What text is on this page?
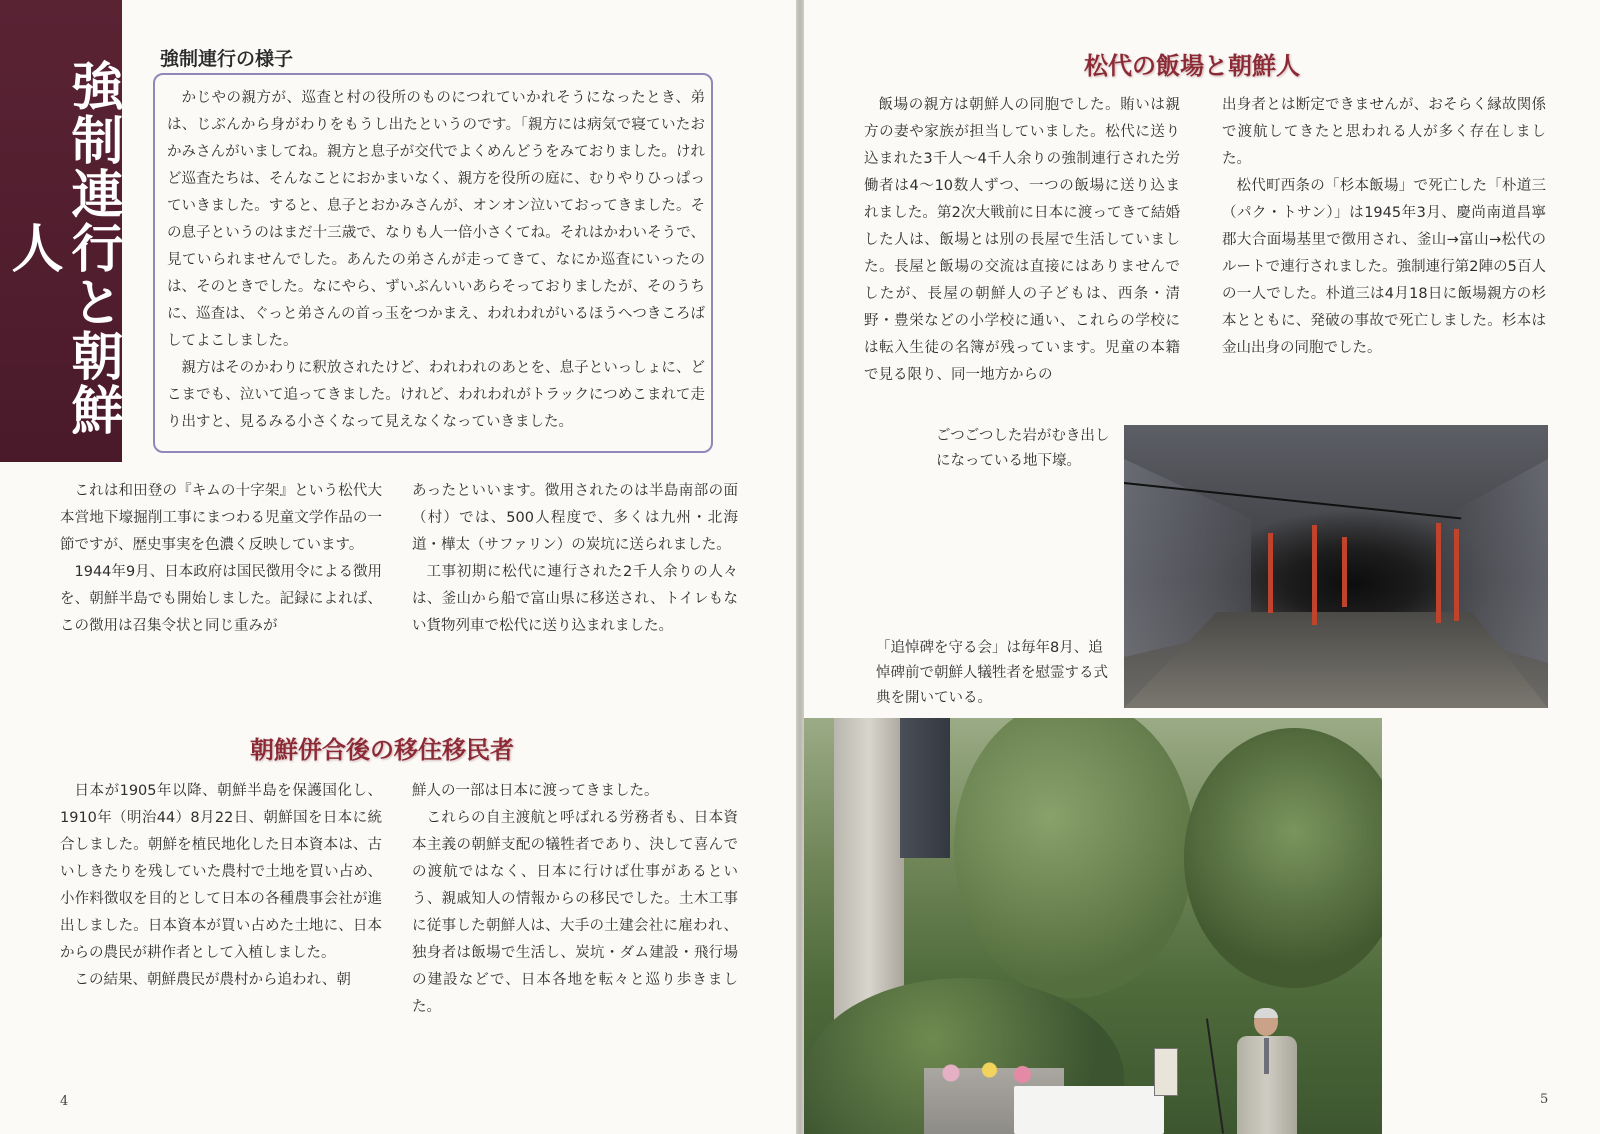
強制連行と朝鮮人
強制連行の様子

かじやの親方が、巡査と村の役所のものにつれていかれそうになったとき、弟は、じぶんから身がわりをもうし出たというのです。「親方には病気で寝ていたおかみさんがいましてね。親方と息子が交代でよくめんどうをみておりました。けれど巡査たちは、そんなことにおかまいなく、親方を役所の庭に、むりやりひっぱっていきました。すると、息子とおかみさんが、オンオン泣いておってきました。その息子というのはまだ十三歳で、なりも人一倍小さくてね。それはかわいそうで、見ていられませんでした。あんたの弟さんが走ってきて、なにか巡査にいったのは、そのときでした。なにやら、ずいぶんいいあらそっておりましたが、そのうちに、巡査は、ぐっと弟さんの首っ玉をつかまえ、われわれがいるほうへつきころばしてよこしました。

親方はそのかわりに釈放されたけど、われわれのあとを、息子といっしょに、どこまでも、泣いて追ってきました。けれど、われわれがトラックにつめこまれて走り出すと、見るみる小さくなって見えなくなっていきました。

これは和田登の『キムの十字架』という松代大本営地下壕掘削工事にまつわる児童文学作品の一節ですが、歴史事実を色濃く反映しています。

1944年9月、日本政府は国民徴用令による徴用を、朝鮮半島でも開始しました。記録によれば、この徴用は召集令状と同じ重みが

あったといいます。徴用されたのは半島南部の面（村）では、500人程度で、多くは九州・北海道・樺太（サファリン）の炭坑に送られました。

工事初期に松代に連行された2千人余りの人々は、釜山から船で富山県に移送され、トイレもない貨物列車で松代に送り込まれました。

朝鮮併合後の移住移民者

日本が1905年以降、朝鮮半島を保護国化し、1910年（明治44）8月22日、朝鮮国を日本に統合しました。朝鮮を植民地化した日本資本は、古いしきたりを残していた農村で土地を買い占め、小作料徴収を目的として日本の各種農事会社が進出しました。日本資本が買い占めた土地に、日本からの農民が耕作者として入植しました。

この結果、朝鮮農民が農村から追われ、朝

鮮人の一部は日本に渡ってきました。

これらの自主渡航と呼ばれる労務者も、日本資本主義の朝鮮支配の犠牲者であり、決して喜んでの渡航ではなく、日本に行けば仕事があるという、親戚知人の情報からの移民でした。土木工事に従事した朝鮮人は、大手の土建会社に雇われ、独身者は飯場で生活し、炭坑・ダム建設・飛行場の建設などで、日本各地を転々と巡り歩きました。

4
松代の飯場と朝鮮人

飯場の親方は朝鮮人の同胞でした。賄いは親方の妻や家族が担当していました。松代に送り込まれた3千人～4千人余りの強制連行された労働者は4～10数人ずつ、一つの飯場に送り込まれました。第2次大戦前に日本に渡ってきて結婚した人は、飯場とは別の長屋で生活していました。長屋と飯場の交流は直接にはありませんでしたが、長屋の朝鮮人の子どもは、西条・清野・豊栄などの小学校に通い、これらの学校には転入生徒の名簿が残っています。児童の本籍で見る限り、同一地方からの

出身者とは断定できませんが、おそらく縁故関係で渡航してきたと思われる人が多く存在しました。

松代町西条の「杉本飯場」で死亡した「朴道三（パク・トサン）」は1945年3月、慶尚南道昌寧郡大合面場基里で徴用され、釜山→富山→松代のルートで連行されました。強制連行第2陣の5百人の一人でした。朴道三は4月18日に飯場親方の杉本とともに、発破の事故で死亡しました。杉本は金山出身の同胞でした。

ごつごつした岩がむき出しになっている地下壕。
「追悼碑を守る会」は毎年8月、追悼碑前で朝鮮人犠牲者を慰霊する式典を開いている。
5
